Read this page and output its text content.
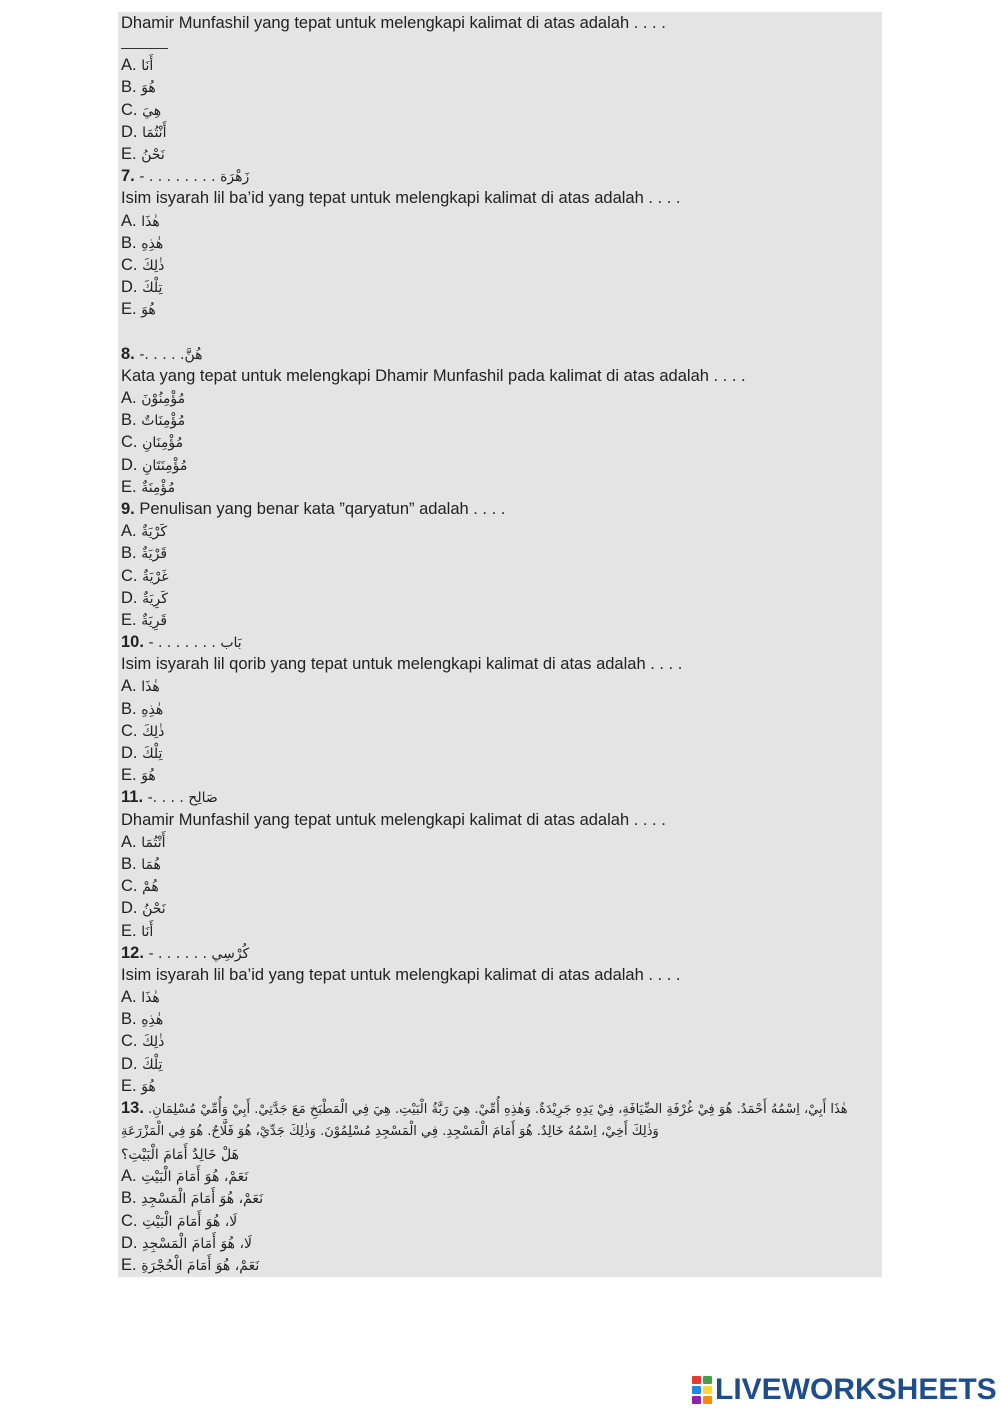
Dhamir Munfashil yang tepat untuk melengkapi kalimat di atas adalah . . . .
A. أَنَا
B. هُوَ
C. هِيَ
D. أَنْتُمَا
E. نَحْنُ
7. زَهْرَة . . . . . . . . -
Isim isyarah lil ba’id yang tepat untuk melengkapi kalimat di atas adalah . . . .
A. هٰذَا
B. هٰذِهِ
C. ذٰلِكَ
D. تِلْكَ
E. هُوَ
8. هُنَّ. . . . .-
Kata yang tepat untuk melengkapi Dhamir Munfashil pada kalimat di atas adalah . . . .
A. مُؤْمِنُوْنَ
B. مُؤْمِنَاتٌ
C. مُؤْمِنَانِ
D. مُؤْمِنَتَانِ
E. مُؤْمِنَةٌ
9. Penulisan yang benar kata ”qaryatun” adalah . . . .
A. كَرْيَةٌ
B. قَرْيَةٌ
C. غَرْيَةٌ
D. كَرِيَةٌ
E. قَرِيَةٌ
10. بَاب . . . . . . . -
Isim isyarah lil qorib yang tepat untuk melengkapi kalimat di atas adalah . . . .
A. هٰذَا
B. هٰذِهِ
C. ذٰلِكَ
D. تِلْكَ
E. هُوَ
11. صَالِح . . . .-
Dhamir Munfashil yang tepat untuk melengkapi kalimat di atas adalah . . . .
A. أَنْتُمَا
B. هُمَا
C. هُمْ
D. نَحْنُ
E. أَنَا
12. كُرْسِي . . . . . . -
Isim isyarah lil ba’id yang tepat untuk melengkapi kalimat di atas adalah . . . .
A. هٰذَا
B. هٰذِهِ
C. ذٰلِكَ
D. تِلْكَ
E. هُوَ
13. هٰذَا أَبِيْ، اِسْمُهُ أَحْمَدُ. هُوَ فِيْ غُرْفَةِ الضِّيَافَةِ، فِيْ يَدِهِ جَرِيْدَةٌ. وَهٰذِهِ أُمِّيْ. هِيَ رَبَّةُ الْبَيْتِ. هِيَ فِي الْمَطْبَخِ مَعَ جَدَّتِيْ. أَبِيْ وَأُمِّيْ مُسْلِمَانِ. وَذٰلِكَ أَخِيْ، اِسْمُهُ خَالِدٌ. هُوَ أَمَامَ الْمَسْجِدِ. فِي الْمَسْجِدِ مُسْلِمُوْنَ. وَذٰلِكَ جَدِّيْ، هُوَ فَلَّاحٌ. هُوَ فِي الْمَزْرَعَةِ
هَلْ خَالِدٌ أَمَامَ الْبَيْتِ؟
A. نَعَمْ، هُوَ أَمَامَ الْبَيْتِ
B. نَعَمْ، هُوَ أَمَامَ الْمَسْجِدِ
C. لَا، هُوَ أَمَامَ الْبَيْتِ
D. لَا، هُوَ أَمَامَ الْمَسْجِدِ
E. نَعَمْ، هُوَ أَمَامَ الْحُجْرَةِ
LIVEWORKSHEETS
